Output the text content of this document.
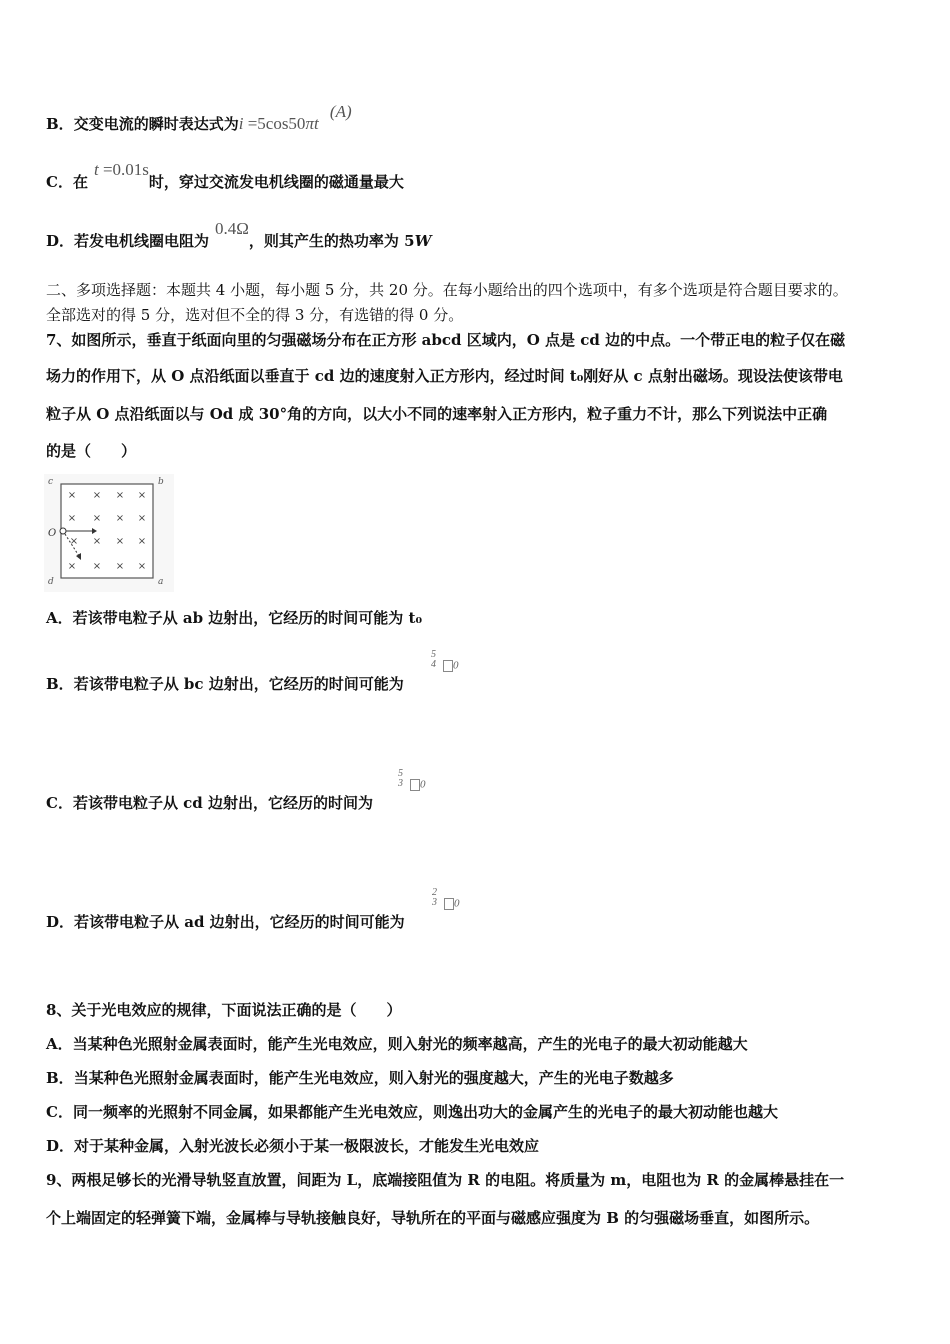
B．交变电流的瞬时表达式为i =5cos50πt (A)
C．在t =0.01s时，穿过交流发电机线圈的磁通量最大
D．若发电机线圈电阻为0.4Ω，则其产生的热功率为 5W
二、多项选择题：本题共 4 小题，每小题 5 分，共 20 分。在每小题给出的四个选项中，有多个选项是符合题目要求的。
全部选对的得 5 分，选对但不全的得 3 分，有选错的得 0 分。
7、如图所示，垂直于纸面向里的匀强磁场分布在正方形 abcd 区域内，O 点是 cd 边的中点。一个带正电的粒子仅在磁
场力的作用下，从 O 点沿纸面以垂直于 cd 边的速度射入正方形内，经过时间 t₀刚好从 c 点射出磁场。现设法使该带电
粒子从 O 点沿纸面以与 Od 成 30°角的方向，以大小不同的速率射入正方形内，粒子重力不计，那么下列说法中正确
的是（　　）
× × × ×
× × × ×
× × ×
× × × ×
×
c	b
O
d	a
A．若该带电粒子从 ab 边射出，它经历的时间可能为 t₀
B．若该带电粒子从 bc 边射出，它经历的时间可能为
5
4	0
C．若该带电粒子从 cd 边射出，它经历的时间为
5
3	0
D．若该带电粒子从 ad 边射出，它经历的时间可能为
2
3	0
8、关于光电效应的规律，下面说法正确的是（　　）
A．当某种色光照射金属表面时，能产生光电效应，则入射光的频率越高，产生的光电子的最大初动能越大
B．当某种色光照射金属表面时，能产生光电效应，则入射光的强度越大，产生的光电子数越多
C．同一频率的光照射不同金属，如果都能产生光电效应，则逸出功大的金属产生的光电子的最大初动能也越大
D．对于某种金属，入射光波长必须小于某一极限波长，才能发生光电效应
9、两根足够长的光滑导轨竖直放置，间距为 L，底端接阻值为 R 的电阻。将质量为 m，电阻也为 R 的金属棒悬挂在一
个上端固定的轻弹簧下端，金属棒与导轨接触良好，导轨所在的平面与磁感应强度为 B 的匀强磁场垂直，如图所示。
